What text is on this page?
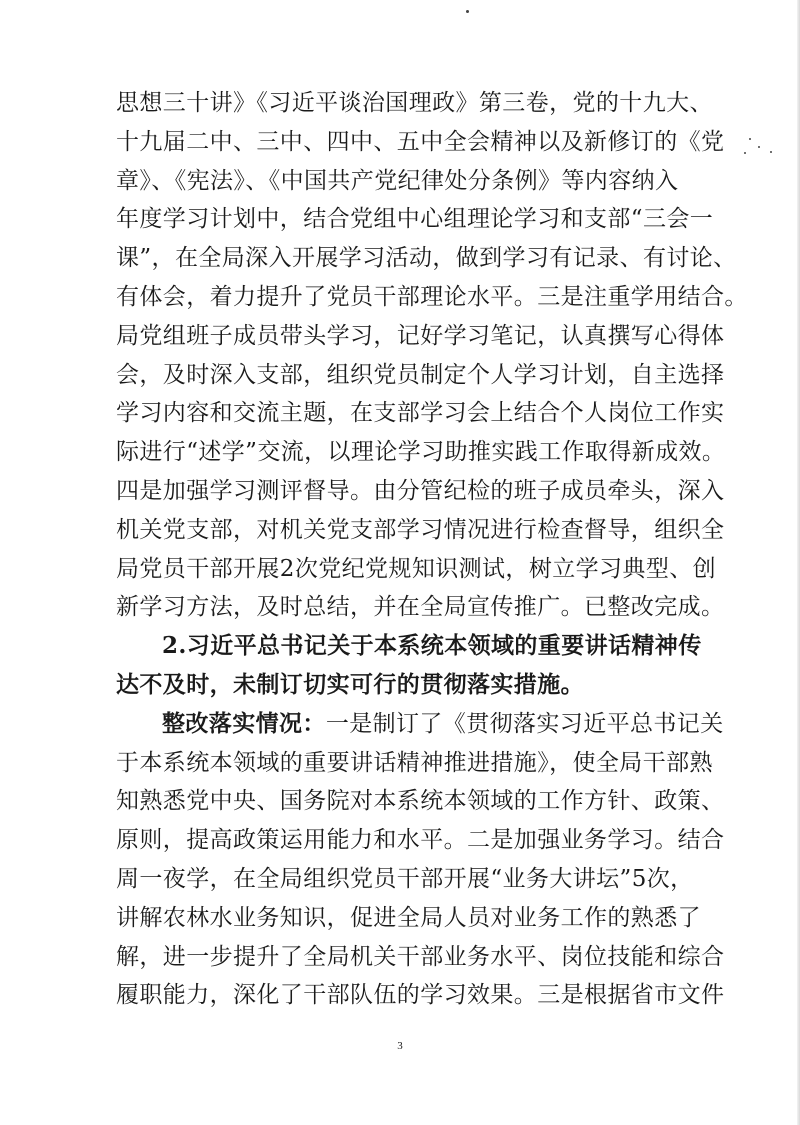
思想三十讲》《习近平谈治国理政》第三卷，党的十九大、
十九届二中、三中、四中、五中全会精神以及新修订的《党
章》、《宪法》、《中国共产党纪律处分条例》等内容纳入
年度学习计划中，结合党组中心组理论学习和支部“三会一
课”，在全局深入开展学习活动，做到学习有记录、有讨论、
有体会，着力提升了党员干部理论水平。三是注重学用结合。
局党组班子成员带头学习，记好学习笔记，认真撰写心得体
会，及时深入支部，组织党员制定个人学习计划，自主选择
学习内容和交流主题，在支部学习会上结合个人岗位工作实
际进行“述学”交流，以理论学习助推实践工作取得新成效。
四是加强学习测评督导。由分管纪检的班子成员牵头，深入
机关党支部，对机关党支部学习情况进行检查督导，组织全
局党员干部开展2次党纪党规知识测试，树立学习典型、创
新学习方法，及时总结，并在全局宣传推广。已整改完成。
2.习近平总书记关于本系统本领域的重要讲话精神传
达不及时，未制订切实可行的贯彻落实措施。
整改落实情况：一是制订了《贯彻落实习近平总书记关
于本系统本领域的重要讲话精神推进措施》，使全局干部熟
知熟悉党中央、国务院对本系统本领域的工作方针、政策、
原则，提高政策运用能力和水平。二是加强业务学习。结合
周一夜学，在全局组织党员干部开展“业务大讲坛”5次，
讲解农林水业务知识，促进全局人员对业务工作的熟悉了
解，进一步提升了全局机关干部业务水平、岗位技能和综合
履职能力，深化了干部队伍的学习效果。三是根据省市文件
3
